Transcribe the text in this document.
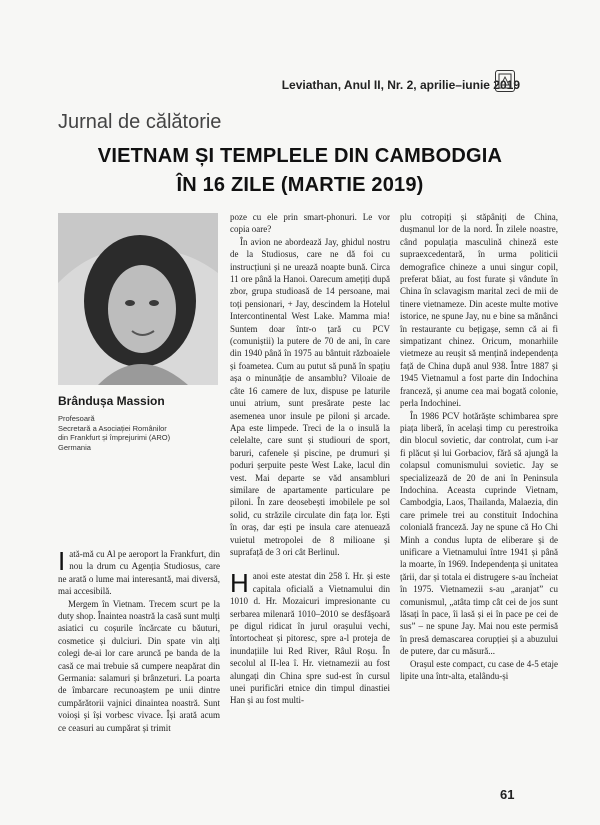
Leviathan, Anul II, Nr. 2, aprilie–iunie 2019
Jurnal de călătorie
VIETNAM ȘI TEMPLELE DIN CAMBODGIA
ÎN 16 ZILE (MARTIE 2019)
Brândușa Massion
Profesoară
Secretară a Asociației Românilor
din Frankfurt și împrejurimi (ARO)
Germania

Iată-mă cu Al pe aeroport la Frankfurt, din nou la drum cu Agenția Studiosus, care ne arată o lume mai interesantă, mai diversă, mai accesibilă.

Mergem în Vietnam. Trecem scurt pe la duty shop. Înaintea noastră la casă sunt mulți asiatici cu coșurile încărcate cu băuturi, cosmetice și dulciuri. Din spate vin alți colegi de-ai lor care aruncă pe banda de la casă ce mai trebuie să cumpere neapărat din Germania: salamuri și brânzeturi. La poarta de îmbarcare recunoaștem pe unii dintre cumpărătorii vajnici dinaintea noastră. Sunt voioși și își vorbesc vivace. Își arată acum ce ceasuri au cumpărat și trimit

poze cu ele prin smart-phonuri. Le vor copia oare?

În avion ne abordează Jay, ghidul nostru de la Studiosus, care ne dă foi cu instrucțiuni și ne urează noapte bună. Circa 11 ore până la Hanoi. Oarecum amețiți după zbor, grupa studioasă de 14 persoane, mai toți pensionari, + Jay, descindem la Hotelul Intercontinental West Lake. Mamma mia! Suntem doar într-o țară cu PCV (comuniștii) la putere de 70 de ani, în care din 1940 până în 1975 au bântuit războaiele și foametea. Cum au putut să pună în spațiu așa o minunăție de ansamblu? Viloaie de câte 16 camere de lux, dispuse pe laturile unui atrium, sunt presărate peste lac asemenea unor insule pe piloni și arcade. Apa este limpede. Treci de la o insulă la celelalte, care sunt și studiouri de sport, baruri, cafenele și piscine, pe drumuri și poduri șerpuite peste West Lake, lacul din vest. Mai departe se văd ansambluri similare de apartamente particulare pe piloni. În zare deosebești imobilele pe sol solid, cu străzile circulate din fața lor. Ești în oraș, dar ești pe insula care atenuează vuietul metropolei de 8 milioane și suprafață de 3 ori cât Berlinul.

Hanoi este atestat din 258 î. Hr. și este capitala oficială a Vietnamului din 1010 d. Hr. Mozaicuri impresionante cu serbarea milenară 1010–2010 se desfășoară pe digul ridicat în jurul orașului vechi, întortocheat și pitoresc, spre a-l proteja de inundațiile lui Red River, Râul Roșu. În secolul al II-lea î. Hr. vietnamezii au fost alungați din China spre sud-est în cursul unei purificări etnice din timpul dinastiei Han și au fost multi-

plu cotropiți și stăpâniți de China, dușmanul lor de la nord. În zilele noastre, când populația masculină chineză este supraexcedentară, în urma politicii demografice chineze a unui singur copil, preferat băiat, au fost furate și vândute în China în sclavagism marital zeci de mii de tinere vietnameze. Din aceste multe motive istorice, ne spune Jay, nu e bine sa mănânci în restaurante cu bețigașe, semn că ai fi simpatizant chinez. Oricum, monarhiile vietmeze au reușit să mențină independența față de China după anul 938. Între 1887 și 1945 Vietnamul a fost parte din Indochina franceză, și anume cea mai bogată colonie, perla Indochinei.

În 1986 PCV hotărăște schimbarea spre piața liberă, în același timp cu perestroika din blocul sovietic, dar controlat, cum i-ar fi plăcut și lui Gorbaciov, fără să ajungă la colapsul comunismului sovietic. Jay se specializează de 20 de ani în Peninsula Indochina. Aceasta cuprinde Vietnam, Cambodgia, Laos, Thailanda, Malaezia, din care primele trei au constituit Indochina colonială franceză. Jay ne spune că Ho Chi Minh a condus lupta de eliberare și de unificare a Vietnamului între 1941 și până la moarte, în 1969. Independența și unitatea țării, dar și totala ei distrugere s-au încheiat în 1975. Vietnamezii s-au „aranjat” cu comunismul, „atâta timp cât cei de jos sunt lăsați în pace, îi lasă și ei în pace pe cei de sus” – ne spune Jay. Mai nou este permisă în presă demascarea corupției și a abuzului de putere, dar cu măsură...

Orașul este compact, cu case de 4-5 etaje lipite una într-alta, etalându-și

61
